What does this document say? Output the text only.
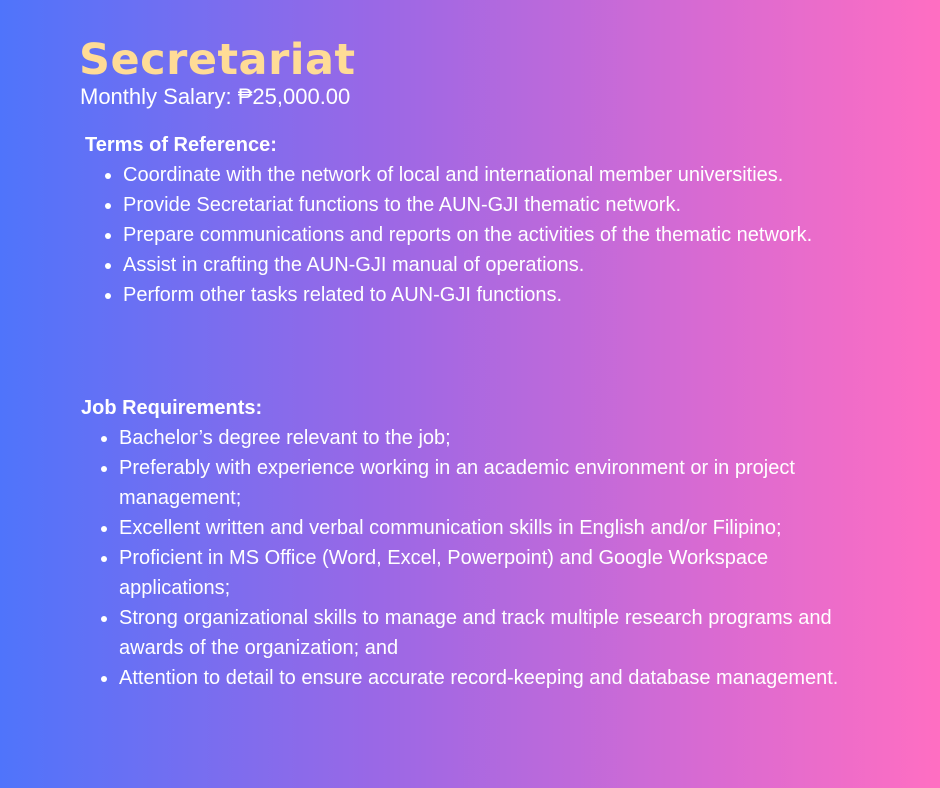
Secretariat
Monthly Salary: ₱25,000.00
Terms of Reference:
Coordinate with the network of local and international member universities.
Provide Secretariat functions to the AUN-GJI thematic network.
Prepare communications and reports on the activities of the thematic network.
Assist in crafting the AUN-GJI manual of operations.
Perform other tasks related to AUN-GJI functions.
Job Requirements:
Bachelor’s degree relevant to the job;
Preferably with experience working in an academic environment or in project management;
Excellent written and verbal communication skills in English and/or Filipino;
Proficient in MS Office (Word, Excel, Powerpoint) and Google Workspace applications;
Strong organizational skills to manage and track multiple research programs and awards of the organization; and
Attention to detail to ensure accurate record-keeping and database management.
